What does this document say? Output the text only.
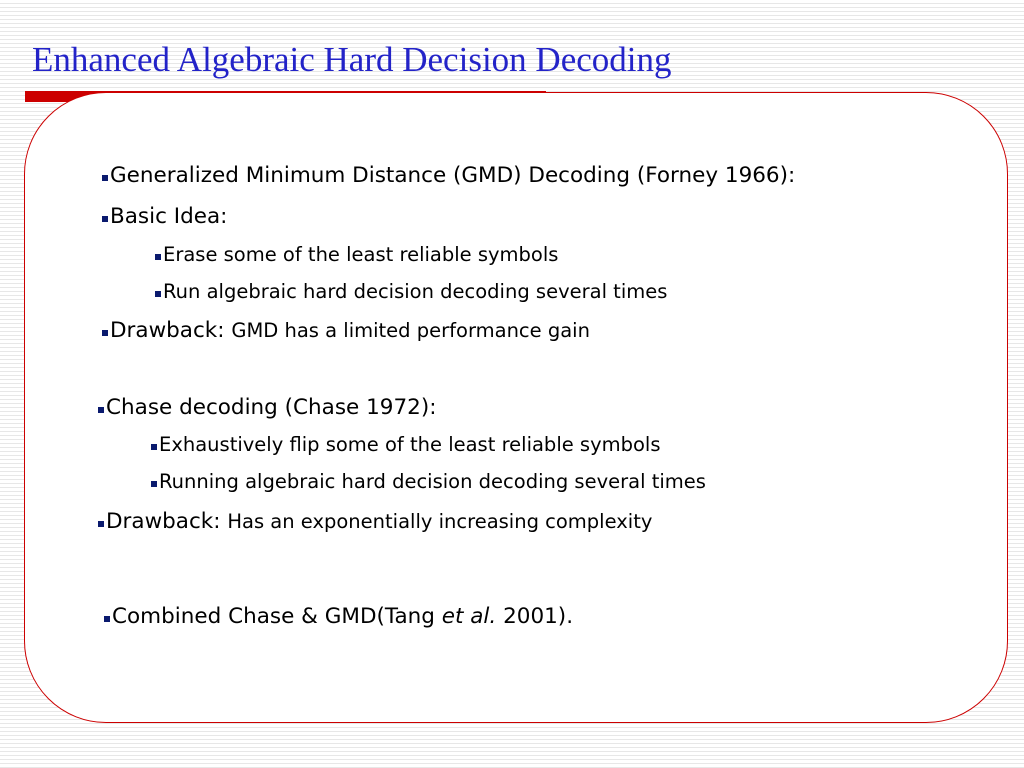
Enhanced Algebraic Hard Decision Decoding
Generalized Minimum Distance (GMD) Decoding (Forney 1966):
Basic Idea:
Erase some of the least reliable symbols
Run algebraic hard decision decoding several times
Drawback: GMD has a limited performance gain
Chase decoding (Chase 1972):
Exhaustively flip some of the least reliable symbols
Running algebraic hard decision decoding several times
Drawback: Has an exponentially increasing complexity
Combined Chase & GMD(Tang et al. 2001).
